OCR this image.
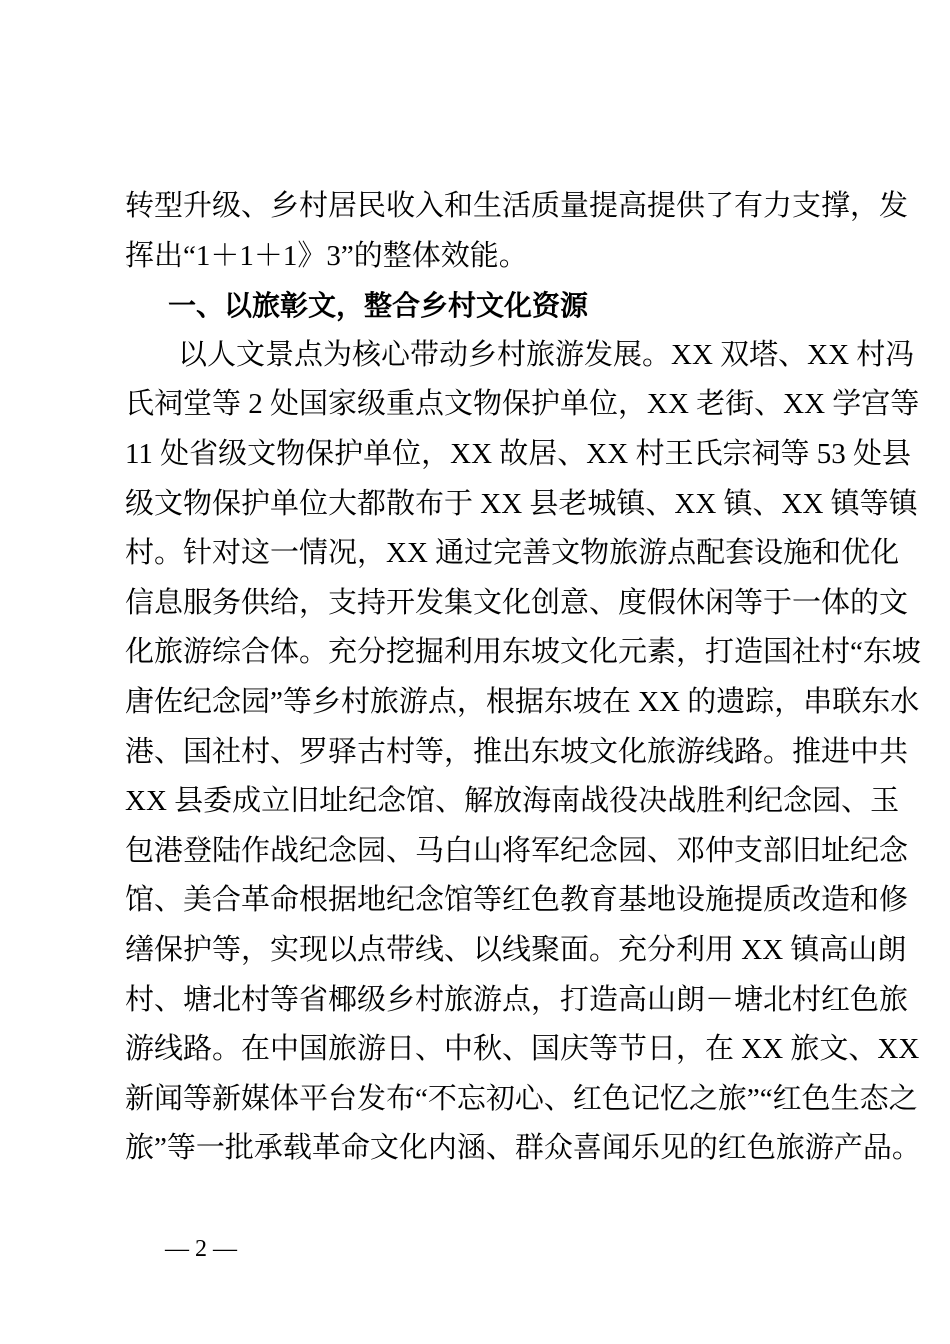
转型升级、乡村居民收入和生活质量提高提供了有力支撑，发
挥出“1＋1＋1》3”的整体效能。
一、以旅彰文，整合乡村文化资源
以人文景点为核心带动乡村旅游发展。XX 双塔、XX 村冯
氏祠堂等 2 处国家级重点文物保护单位，XX 老街、XX 学宫等
11 处省级文物保护单位，XX 故居、XX 村王氏宗祠等 53 处县
级文物保护单位大都散布于 XX 县老城镇、XX 镇、XX 镇等镇
村。针对这一情况，XX 通过完善文物旅游点配套设施和优化
信息服务供给，支持开发集文化创意、度假休闲等于一体的文
化旅游综合体。充分挖掘利用东坡文化元素，打造国社村“东坡
唐佐纪念园”等乡村旅游点，根据东坡在 XX 的遗踪，串联东水
港、国社村、罗驿古村等，推出东坡文化旅游线路。推进中共
XX 县委成立旧址纪念馆、解放海南战役决战胜利纪念园、玉
包港登陆作战纪念园、马白山将军纪念园、邓仲支部旧址纪念
馆、美合革命根据地纪念馆等红色教育基地设施提质改造和修
缮保护等，实现以点带线、以线聚面。充分利用 XX 镇高山朗
村、塘北村等省椰级乡村旅游点，打造高山朗－塘北村红色旅
游线路。在中国旅游日、中秋、国庆等节日，在 XX 旅文、XX
新闻等新媒体平台发布“不忘初心、红色记忆之旅”“红色生态之
旅”等一批承载革命文化内涵、群众喜闻乐见的红色旅游产品。
— 2 —
